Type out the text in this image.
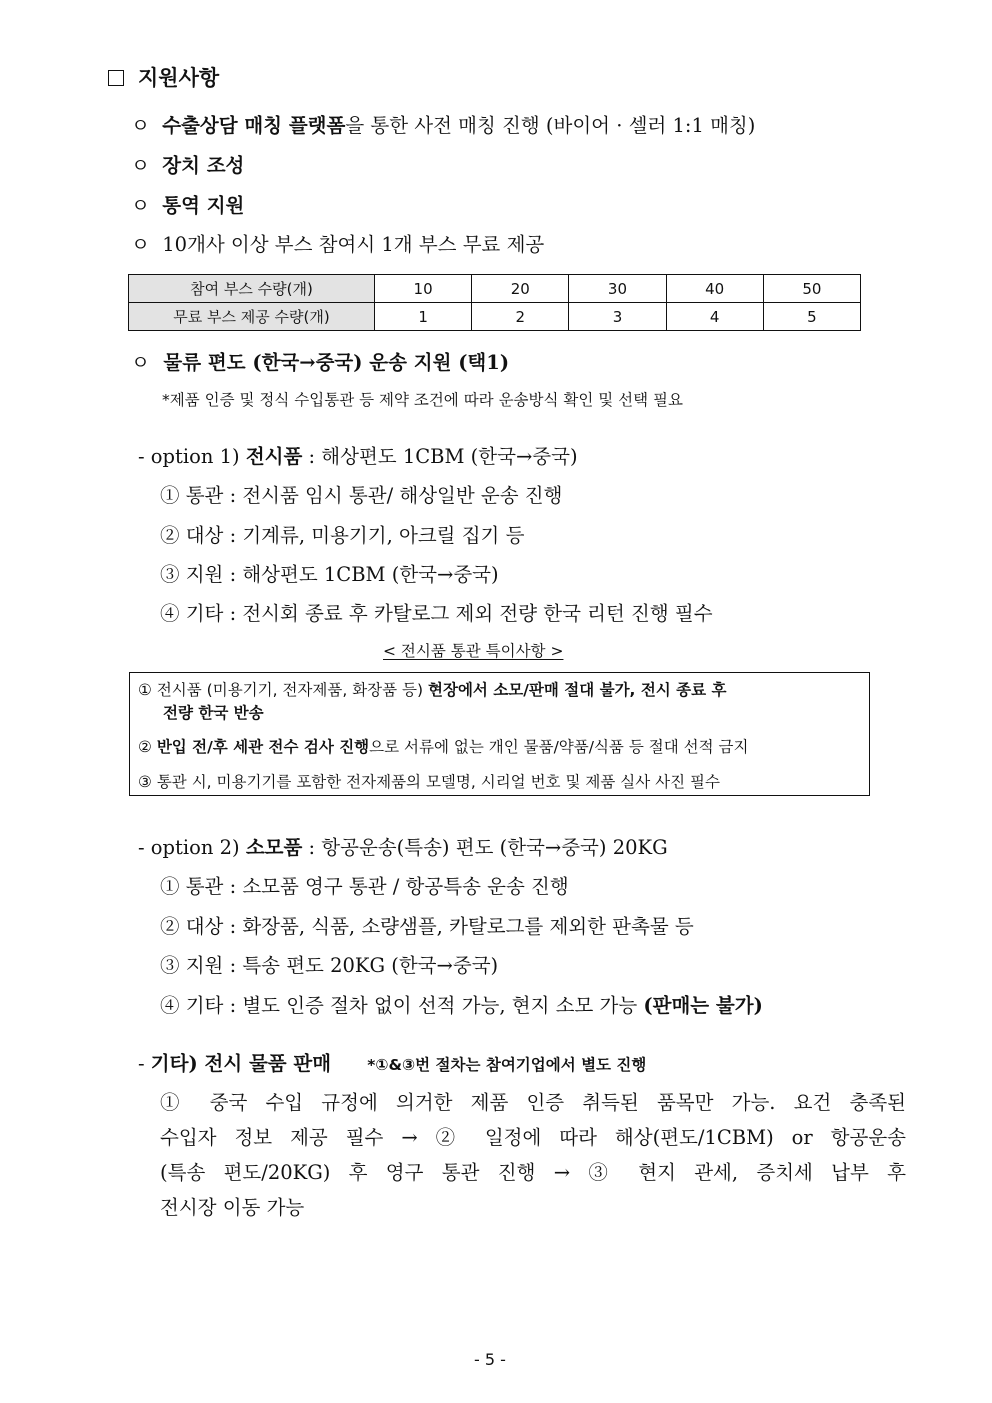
지원사항
ㅇ 수출상담 매칭 플랫폼을 통한 사전 매칭 진행 (바이어 · 셀러 1:1 매칭)
ㅇ 장치 조성
ㅇ 통역 지원
ㅇ 10개사 이상 부스 참여시 1개 부스 무료 제공
참여 부스 수량(개)	10	20	30	40	50
무료 부스 제공 수량(개)	1	2	3	4	5
ㅇ 물류 편도 (한국→중국) 운송 지원 (택1)
*제품 인증 및 정식 수입통관 등 제약 조건에 따라 운송방식 확인 및 선택 필요
- option 1) 전시품 : 해상편도 1CBM (한국→중국)
① 통관 : 전시품 임시 통관/ 해상일반 운송 진행
② 대상 : 기계류, 미용기기, 아크릴 집기 등
③ 지원 : 해상편도 1CBM (한국→중국)
④ 기타 : 전시회 종료 후 카탈로그 제외 전량 한국 리턴 진행 필수
< 전시품 통관 특이사항 >
① 전시품 (미용기기, 전자제품, 화장품 등) 현장에서 소모/판매 절대 불가, 전시 종료 후
전량 한국 반송
② 반입 전/후 세관 전수 검사 진행으로 서류에 없는 개인 물품/약품/식품 등 절대 선적 금지
③ 통관 시, 미용기기를 포함한 전자제품의 모델명, 시리얼 번호 및 제품 실사 사진 필수
- option 2) 소모품 : 항공운송(특송) 편도 (한국→중국) 20KG
① 통관 : 소모품 영구 통관 / 항공특송 운송 진행
② 대상 : 화장품, 식품, 소량샘플, 카탈로그를 제외한 판촉물 등
③ 지원 : 특송 편도 20KG (한국→중국)
④ 기타 : 별도 인증 절차 없이 선적 가능, 현지 소모 가능 (판매는 불가)
- 기타) 전시 물품 판매 *①&③번 절차는 참여기업에서 별도 진행
① 중국 수입 규정에 의거한 제품 인증 취득된 품목만 가능. 요건 충족된
수입자 정보 제공 필수 → ② 일정에 따라 해상(편도/1CBM) or 항공운송
(특송 편도/20KG) 후 영구 통관 진행 → ③ 현지 관세, 증치세 납부 후
전시장 이동 가능
- 5 -
